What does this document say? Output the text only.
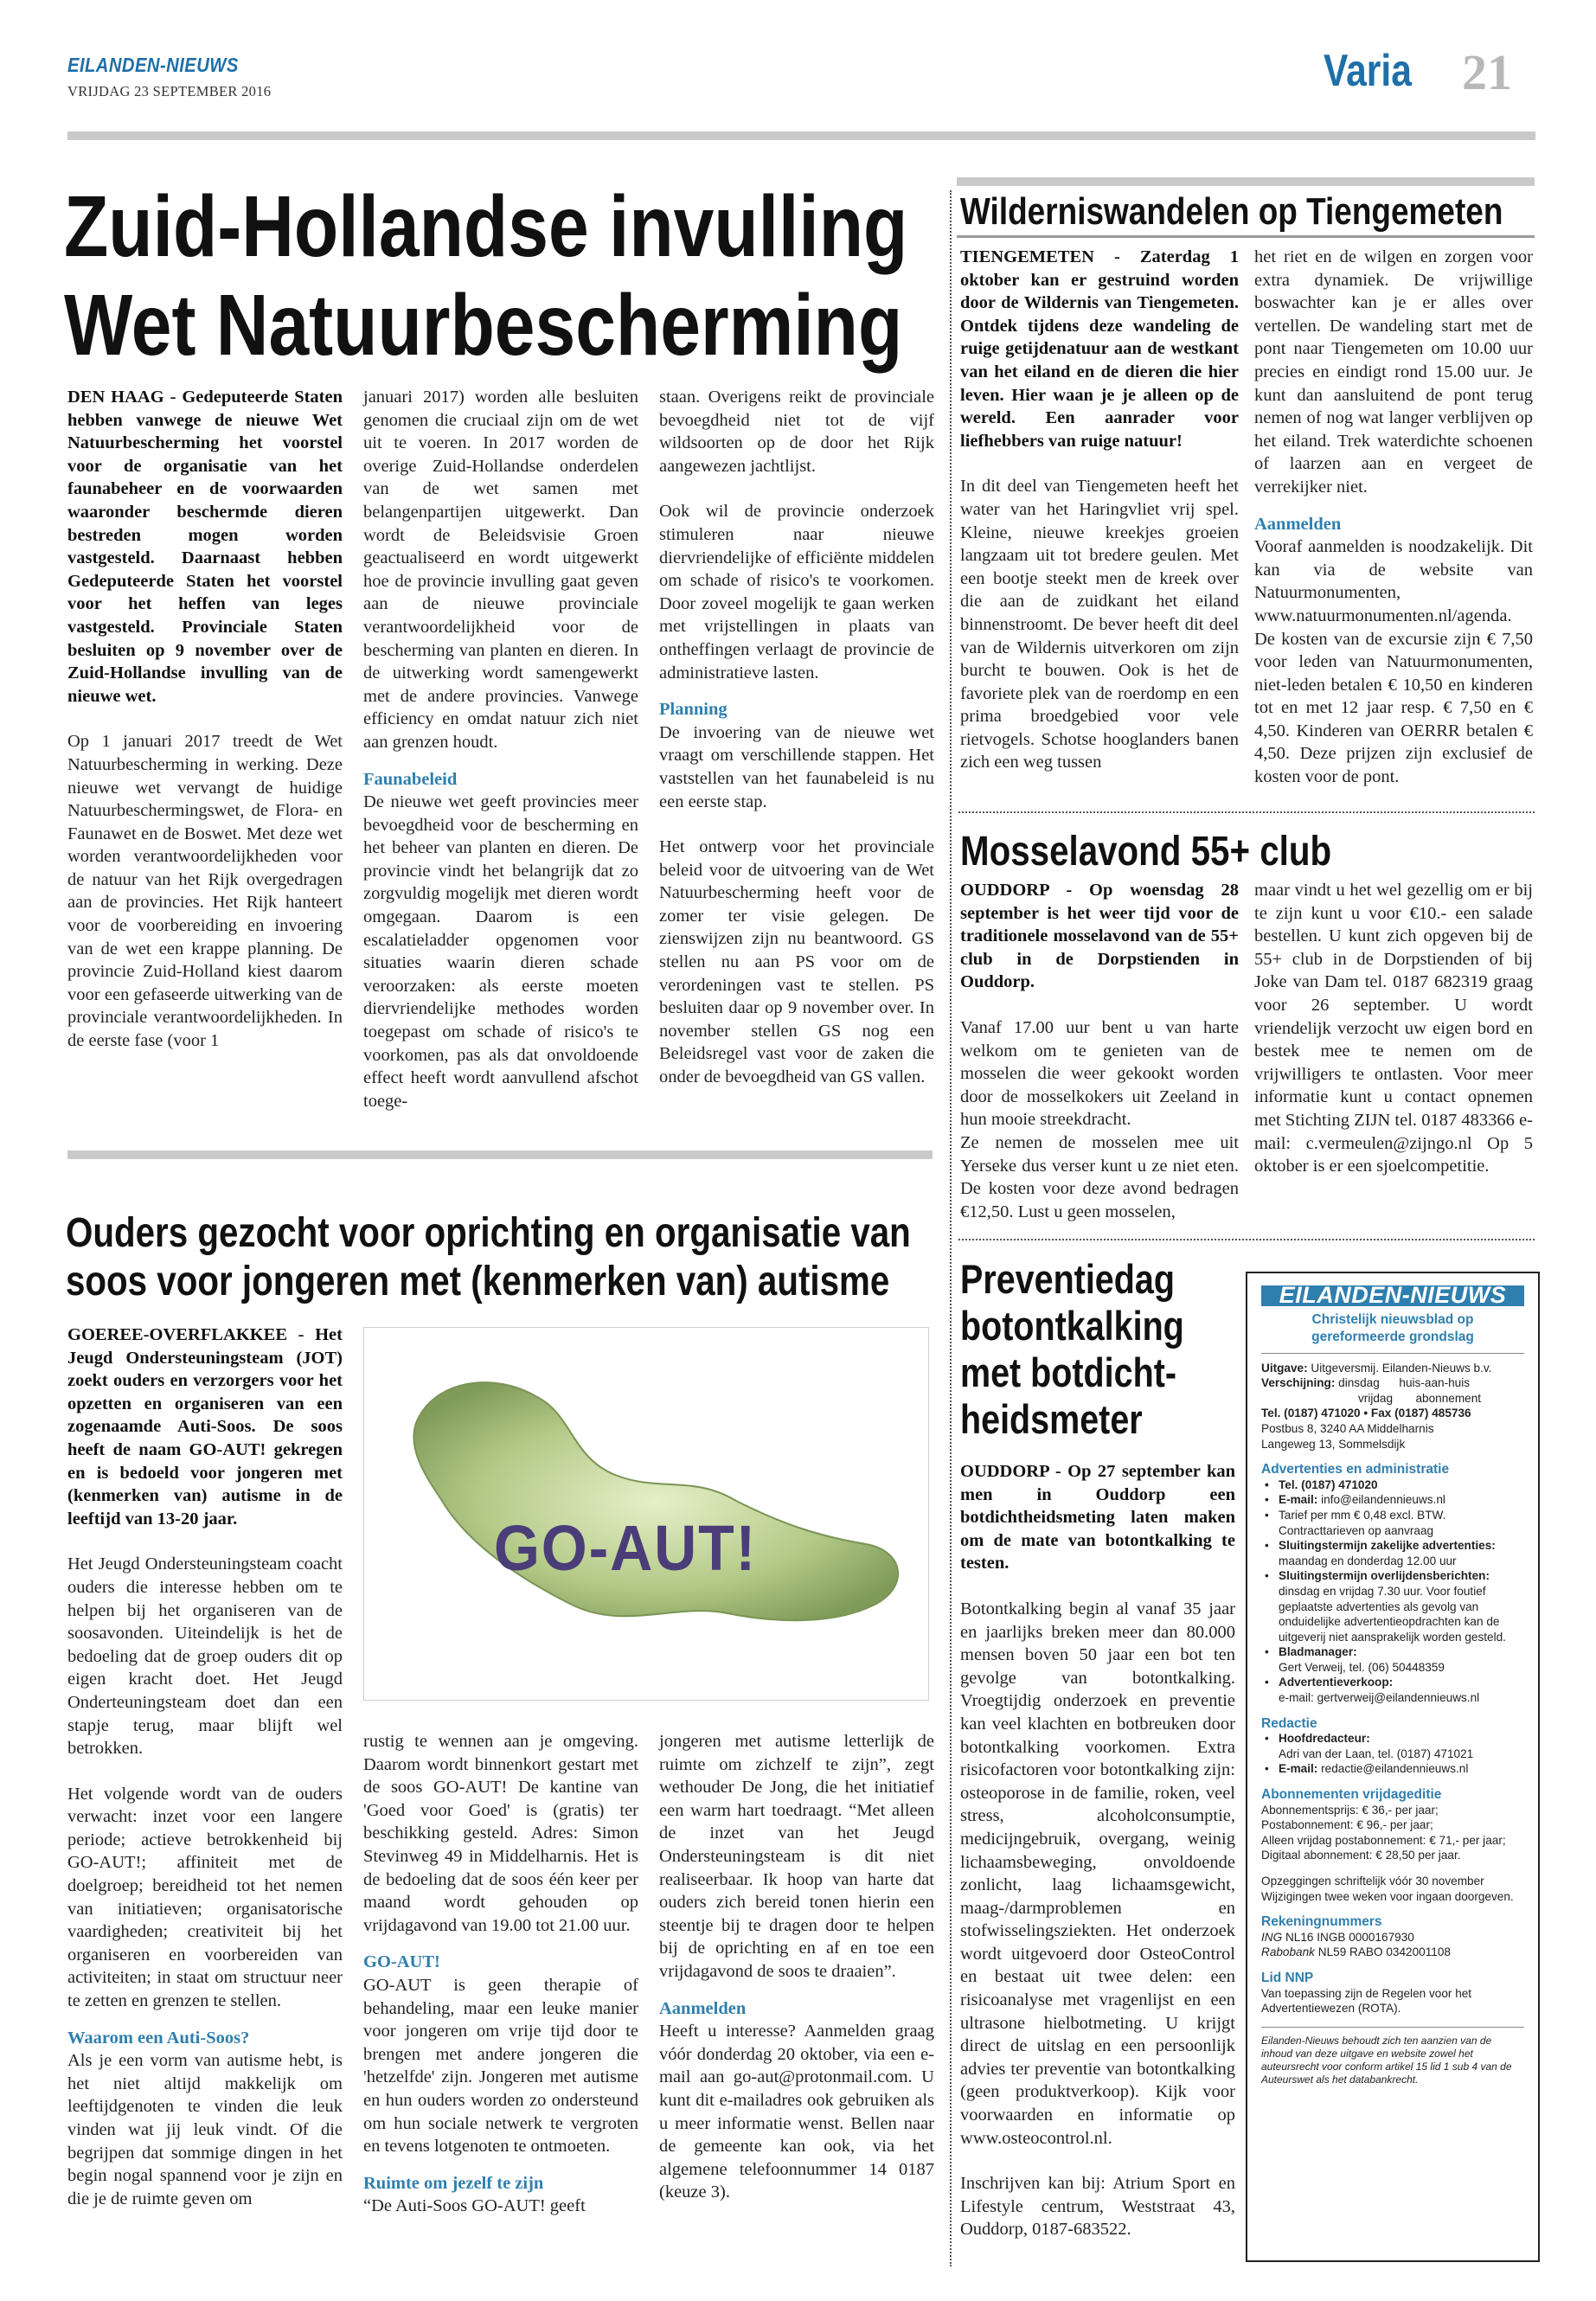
EILANDEN-NIEUWS
VRIJDAG 23 SEPTEMBER 2016	Varia 21
Zuid-Hollandse invulling
Wet Natuurbescherming
DEN HAAG - Gedeputeerde Staten hebben vanwege de nieuwe Wet Natuurbescherming het voorstel voor de organisatie van het faunabeheer en de voorwaarden waaronder beschermde dieren bestreden mogen worden vastgesteld. Daarnaast hebben Gedeputeerde Staten het voorstel voor het heffen van leges vastgesteld. Provinciale Staten besluiten op 9 november over de Zuid-Hollandse invulling van de nieuwe wet.
Op 1 januari 2017 treedt de Wet Natuurbescherming in werking. Deze nieuwe wet vervangt de huidige Natuurbeschermingswet, de Flora- en Faunawet en de Boswet. Met deze wet worden verantwoordelijkheden voor de natuur van het Rijk overgedragen aan de provincies. Het Rijk hanteert voor de voorbereiding en invoering van de wet een krappe planning. De provincie Zuid-Holland kiest daarom voor een gefaseerde uitwerking van de provinciale verantwoordelijkheden. In de eerste fase (voor 1
januari 2017) worden alle besluiten genomen die cruciaal zijn om de wet uit te voeren. In 2017 worden de overige Zuid-Hollandse onderdelen van de wet samen met belangenpartijen uitgewerkt. Dan wordt de Beleidsvisie Groen geactualiseerd en wordt uitgewerkt hoe de provincie invulling gaat geven aan de nieuwe provinciale verantwoordelijkheid voor de bescherming van planten en dieren. In de uitwerking wordt samengewerkt met de andere provincies. Vanwege efficiency en omdat natuur zich niet aan grenzen houdt.
Faunabeleid
De nieuwe wet geeft provincies meer bevoegdheid voor de bescherming en het beheer van planten en dieren. De provincie vindt het belangrijk dat zo zorgvuldig mogelijk met dieren wordt omgegaan. Daarom is een escalatieladder opgenomen voor situaties waarin dieren schade veroorzaken: als eerste moeten diervriendelijke methodes worden toegepast om schade of risico's te voorkomen, pas als dat onvoldoende effect heeft wordt aanvullend afschot toege-
staan. Overigens reikt de provinciale bevoegdheid niet tot de vijf wildsoorten op de door het Rijk aangewezen jachtlijst.
Ook wil de provincie onderzoek stimuleren naar nieuwe diervriendelijke of efficiënte middelen om schade of risico's te voorkomen. Door zoveel mogelijk te gaan werken met vrijstellingen in plaats van ontheffingen verlaagt de provincie de administratieve lasten.
Planning
De invoering van de nieuwe wet vraagt om verschillende stappen. Het vaststellen van het faunabeleid is nu een eerste stap.
Het ontwerp voor het provinciale beleid voor de uitvoering van de Wet Natuurbescherming heeft voor de zomer ter visie gelegen. De zienswijzen zijn nu beantwoord. GS stellen nu aan PS voor om de verordeningen vast te stellen. PS besluiten daar op 9 november over. In november stellen GS nog een Beleidsregel vast voor de zaken die onder de bevoegdheid van GS vallen.
Ouders gezocht voor oprichting en organisatie van
soos voor jongeren met (kenmerken van) autisme
GOEREE-OVERFLAKKEE - Het Jeugd Ondersteuningsteam (JOT) zoekt ouders en verzorgers voor het opzetten en organiseren van een zogenaamde Auti-Soos. De soos heeft de naam GO-AUT! gekregen en is bedoeld voor jongeren met (kenmerken van) autisme in de leeftijd van 13-20 jaar.
Het Jeugd Ondersteuningsteam coacht ouders die interesse hebben om te helpen bij het organiseren van de soosavonden. Uiteindelijk is het de bedoeling dat de groep ouders dit op eigen kracht doet. Het Jeugd Onderteuningsteam doet dan een stapje terug, maar blijft wel betrokken.
Het volgende wordt van de ouders verwacht: inzet voor een langere periode; actieve betrokkenheid bij GO-AUT!; affiniteit met de doelgroep; bereidheid tot het nemen van initiatieven; organisatorische vaardigheden; creativiteit bij het organiseren en voorbereiden van activiteiten; in staat om structuur neer te zetten en grenzen te stellen.
Waarom een Auti-Soos?
Als je een vorm van autisme hebt, is het niet altijd makkelijk om leeftijdgenoten te vinden die leuk vinden wat jij leuk vindt. Of die begrijpen dat sommige dingen in het begin nogal spannend voor je zijn en die je de ruimte geven om
GO-AUT!
rustig te wennen aan je omgeving. Daarom wordt binnenkort gestart met de soos GO-AUT! De kantine van 'Goed voor Goed' is (gratis) ter beschikking gesteld. Adres: Simon Stevinweg 49 in Middelharnis. Het is de bedoeling dat de soos één keer per maand wordt gehouden op vrijdagavond van 19.00 tot 21.00 uur.
GO-AUT!
GO-AUT is geen therapie of behandeling, maar een leuke manier voor jongeren om vrije tijd door te brengen met andere jongeren die 'hetzelfde' zijn. Jongeren met autisme en hun ouders worden zo ondersteund om hun sociale netwerk te vergroten en tevens lotgenoten te ontmoeten.
Ruimte om jezelf te zijn
“De Auti-Soos GO-AUT! geeft
jongeren met autisme letterlijk de ruimte om zichzelf te zijn”, zegt wethouder De Jong, die het initiatief een warm hart toedraagt. “Met alleen de inzet van het Jeugd Ondersteuningsteam is dit niet realiseerbaar. Ik hoop van harte dat ouders zich bereid tonen hierin een steentje bij te dragen door te helpen bij de oprichting en af en toe een vrijdagavond de soos te draaien”.
Aanmelden
Heeft u interesse? Aanmelden graag vóór donderdag 20 oktober, via een e-mail aan go-aut@protonmail.com. U kunt dit e-mailadres ook gebruiken als u meer informatie wenst. Bellen naar de gemeente kan ook, via het algemene telefoonnummer 14 0187 (keuze 3).
Wilderniswandelen op Tiengemeten
TIENGEMETEN - Zaterdag 1 oktober kan er gestruind worden door de Wildernis van Tiengemeten. Ontdek tijdens deze wandeling de ruige getijdenatuur aan de westkant van het eiland en de dieren die hier leven. Hier waan je je alleen op de wereld. Een aanrader voor liefhebbers van ruige natuur!
In dit deel van Tiengemeten heeft het water van het Haringvliet vrij spel. Kleine, nieuwe kreekjes groeien langzaam uit tot bredere geulen. Met een bootje steekt men de kreek over die aan de zuidkant het eiland binnenstroomt. De bever heeft dit deel van de Wildernis uitverkoren om zijn burcht te bouwen. Ook is het de favoriete plek van de roerdomp en een prima broedgebied voor vele rietvogels. Schotse hooglanders banen zich een weg tussen
het riet en de wilgen en zorgen voor extra dynamiek. De vrijwillige boswachter kan je er alles over vertellen. De wandeling start met de pont naar Tiengemeten om 10.00 uur precies en eindigt rond 15.00 uur. Je kunt dan aansluitend de pont terug nemen of nog wat langer verblijven op het eiland. Trek waterdichte schoenen of laarzen aan en vergeet de verrekijker niet.
Aanmelden
Vooraf aanmelden is noodzakelijk. Dit kan via de website van Natuurmonumenten, www.natuurmonumenten.nl/agenda. De kosten van de excursie zijn € 7,50 voor leden van Natuurmonumenten, niet-leden betalen € 10,50 en kinderen tot en met 12 jaar resp. € 7,50 en € 4,50. Kinderen van OERRR betalen € 4,50. Deze prijzen zijn exclusief de kosten voor de pont.
Mosselavond 55+ club
OUDDORP - Op woensdag 28 september is het weer tijd voor de traditionele mosselavond van de 55+ club in de Dorpstienden in Ouddorp.
Vanaf 17.00 uur bent u van harte welkom om te genieten van de mosselen die weer gekookt worden door de mosselkokers uit Zeeland in hun mooie streekdracht.
Ze nemen de mosselen mee uit Yerseke dus verser kunt u ze niet eten. De kosten voor deze avond bedragen €12,50. Lust u geen mosselen,
maar vindt u het wel gezellig om er bij te zijn kunt u voor €10.- een salade bestellen. U kunt zich opgeven bij de 55+ club in de Dorpstienden of bij Joke van Dam tel. 0187 682319 graag voor 26 september. U wordt vriendelijk verzocht uw eigen bord en bestek mee te nemen om de vrijwilligers te ontlasten. Voor meer informatie kunt u contact opnemen met Stichting ZIJN tel. 0187 483366 e-mail: c.vermeulen@zijngo.nl Op 5 oktober is er een sjoelcompetitie.
Preventiedag
botontkalking
met botdicht-
heidsmeter
OUDDORP - Op 27 september kan men in Ouddorp een botdichtheidsmeting laten maken om de mate van botontkalking te testen.
Botontkalking begin al vanaf 35 jaar en jaarlijks breken meer dan 80.000 mensen boven 50 jaar een bot ten gevolge van botontkalking. Vroegtijdig onderzoek en preventie kan veel klachten en botbreuken door botontkalking voorkomen. Extra risicofactoren voor botontkalking zijn: osteoporose in de familie, roken, veel stress, alcoholconsumptie, medicijngebruik, overgang, weinig lichaamsbeweging, onvoldoende zonlicht, laag lichaamsgewicht, maag-/darmproblemen en stofwisselingsziekten. Het onderzoek wordt uitgevoerd door OsteoControl en bestaat uit twee delen: een risicoanalyse met vragenlijst en een ultrasone hielbotmeting. U krijgt direct de uitslag en een persoonlijk advies ter preventie van botontkalking (geen produktverkoop). Kijk voor voorwaarden en informatie op www.osteocontrol.nl.
Inschrijven kan bij: Atrium Sport en Lifestyle centrum, Weststraat 43, Ouddorp, 0187-683522.
EILANDEN-NIEUWS
Christelijk nieuwsblad op
gereformeerde grondslag
Uitgave: Uitgeversmij. Eilanden-Nieuws b.v.
Verschijning: dinsdag      huis-aan-huis
vrijdag       abonnement
Tel. (0187) 471020 • Fax (0187) 485736
Postbus 8, 3240 AA Middelharnis
Langeweg 13, Sommelsdijk
Advertenties en administratie
• Tel. (0187) 471020
• E-mail: info@eilandennieuws.nl
• Tarief per mm € 0,48 excl. BTW. Contracttarieven op aanvraag
• Sluitingstermijn zakelijke advertenties:
maandag en donderdag 12.00 uur
• Sluitingstermijn overlijdensberichten:
dinsdag en vrijdag 7.30 uur. Voor foutief geplaatste advertenties als gevolg van onduidelijke advertentieopdrachten kan de uitgeverij niet aansprakelijk worden gesteld.
• Bladmanager:
Gert Verweij, tel. (06) 50448359
• Advertentieverkoop:
e-mail: gertverweij@eilandennieuws.nl
Redactie
• Hoofdredacteur:
Adri van der Laan, tel. (0187) 471021
• E-mail: redactie@eilandennieuws.nl
Abonnementen vrijdageditie
Abonnementsprijs: € 36,- per jaar;
Postabonnement: € 96,- per jaar;
Alleen vrijdag postabonnement: € 71,- per jaar;
Digitaal abonnement: € 28,50 per jaar.
Opzeggingen schriftelijk vóór 30 november Wijzigingen twee weken voor ingaan doorgeven.
Rekeningnummers
ING NL16 INGB 0000167930
Rabobank NL59 RABO 0342001108
Lid NNP
Van toepassing zijn de Regelen voor het Advertentiewezen (ROTA).
Eilanden-Nieuws behoudt zich ten aanzien van de inhoud van deze uitgave en website zowel het auteursrecht voor conform artikel 15 lid 1 sub 4 van de Auteurswet als het databankrecht.
